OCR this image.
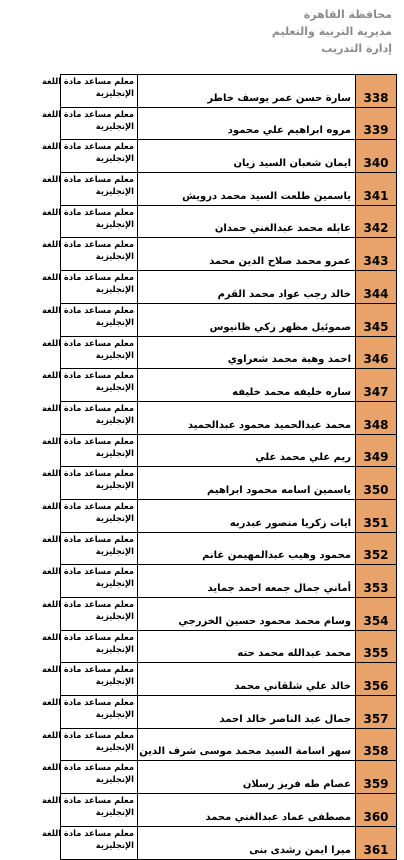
محافظة القاهرة
مديرية التربية والتعليم
إدارة التدريب
338	سارة حسن عمر يوسف خاطر	معلم مساعد مادة اللغة
الإنجليزية

339	مروه ابراهيم علي محمود	معلم مساعد مادة اللغة
الإنجليزية

340	ايمان شعبان السيد زيان	معلم مساعد مادة اللغة
الإنجليزية

341	ياسمين طلعت السيد محمد درويش	معلم مساعد مادة اللغة
الإنجليزية

342	عابله محمد عبدالغني حمدان	معلم مساعد مادة اللغة
الإنجليزية

343	عمرو محمد صلاح الدين محمد	معلم مساعد مادة اللغة
الإنجليزية

344	خالد رجب عواد محمد القرم	معلم مساعد مادة اللغة
الإنجليزية

345	صموئيل مظهر زكي ظانيوس	معلم مساعد مادة اللغة
الإنجليزية

346	احمد وهبة محمد شعراوي	معلم مساعد مادة اللغة
الإنجليزية

347	ساره خليفه محمد خليفه	معلم مساعد مادة اللغة
الإنجليزية

348	محمد عبدالحميد محمود عبدالحميد	معلم مساعد مادة اللغة
الإنجليزية

349	ريم علي محمد علي	معلم مساعد مادة اللغة
الإنجليزية

350	ياسمين اسامه محمود ابراهيم	معلم مساعد مادة اللغة
الإنجليزية

351	ايات زكريا منصور عبدربه	معلم مساعد مادة اللغة
الإنجليزية

352	محمود وهيب عبدالمهيمن غانم	معلم مساعد مادة اللغة
الإنجليزية

353	أماني جمال جمعه احمد جمايد	معلم مساعد مادة اللغة
الإنجليزية

354	وسام محمد محمود حسين الخزرجي	معلم مساعد مادة اللغة
الإنجليزية

355	محمد عبدالله محمد حته	معلم مساعد مادة اللغة
الإنجليزية

356	خالد علي شلقاني محمد	معلم مساعد مادة اللغة
الإنجليزية

357	جمال عبد الناصر خالد احمد	معلم مساعد مادة اللغة
الإنجليزية

358	سهر اسامة السيد محمد موسى شرف الدين	معلم مساعد مادة اللغة
الإنجليزية

359	عصام طه فريز رسلان	معلم مساعد مادة اللغة
الإنجليزية

360	مصطفى عماد عبدالغني محمد	معلم مساعد مادة اللغة
الإنجليزية

361	ميرا ايمن رشدى بنى	معلم مساعد مادة اللغة
الإنجليزية
